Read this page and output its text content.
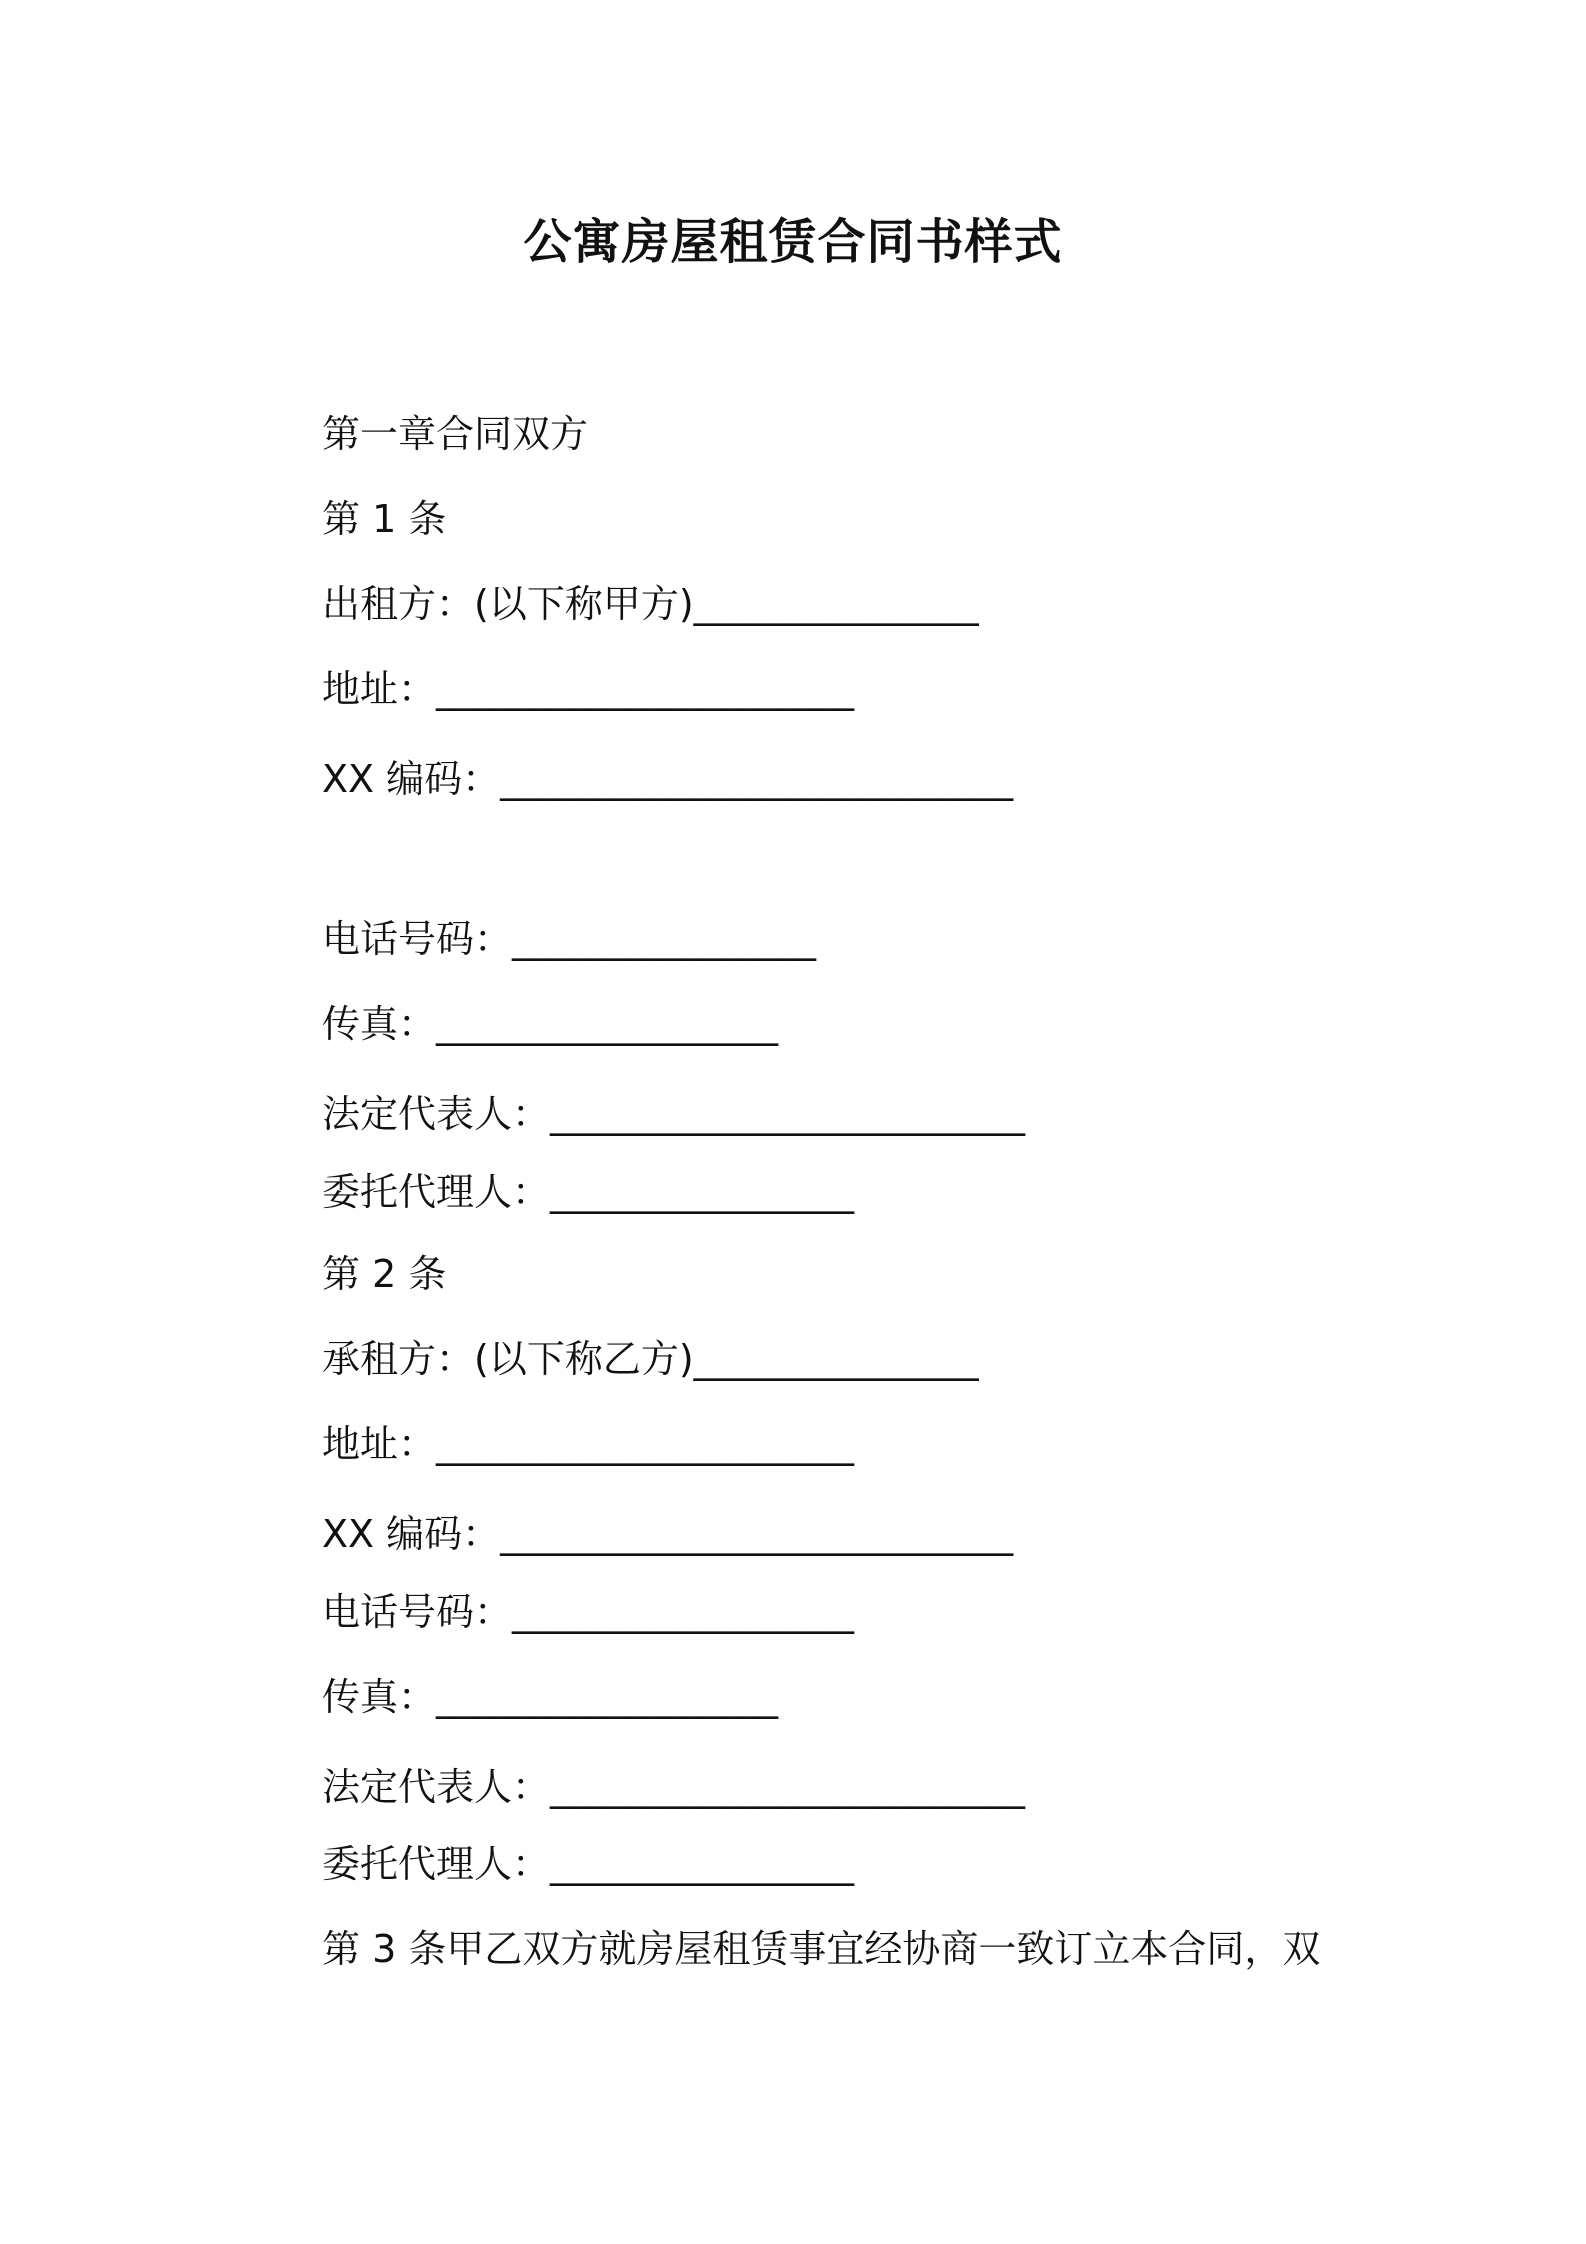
公寓房屋租赁合同书样式

第一章合同双方

第 1 条

出租方：(以下称甲方)_______________

地址：______________________

XX 编码：___________________________

电话号码：________________

传真：__________________

法定代表人：_________________________

委托代理人：________________

第 2 条

承租方：(以下称乙方)_______________

地址：______________________

XX 编码：___________________________

电话号码：__________________

传真：__________________

法定代表人：_________________________

委托代理人：________________

第 3 条甲乙双方就房屋租赁事宜经协商一致订立本合同，双
